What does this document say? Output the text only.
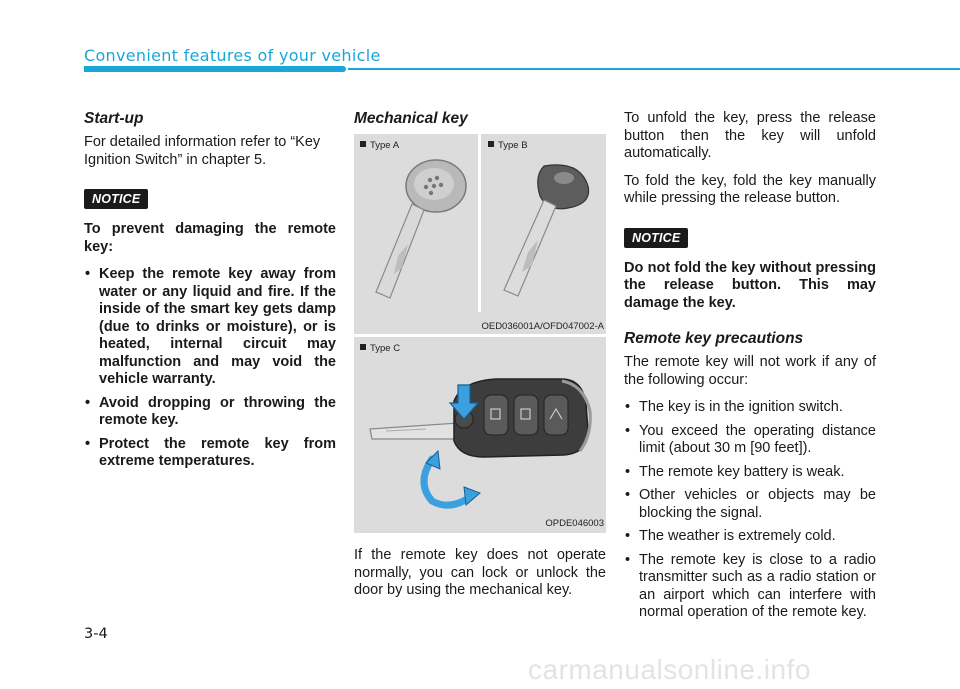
Convenient features of your vehicle
Start-up

For detailed information refer to “Key Ignition Switch” in chapter 5.

NOTICE

To prevent damaging the remote key:

• Keep the remote key away from water or any liquid and fire. If the inside of the smart key gets damp (due to drinks or moisture), or is heated, internal circuit may malfunction and may void the vehicle warranty.
• Avoid dropping or throwing the remote key.
• Protect the remote key from extreme temperatures.
Mechanical key
Type A	Type B
OED036001A/OFD047002-A
Type C
OPDE046003

If the remote key does not operate normally, you can lock or unlock the door by using the mechanical key.

To unfold the key, press the release button then the key will unfold automatically.

To fold the key, fold the key manually while pressing the release button.

NOTICE

Do not fold the key without pressing the release button. This may damage the key.

Remote key precautions

The remote key will not work if any of the following occur:

• The key is in the ignition switch.
• You exceed the operating distance limit (about 30 m [90 feet]).
• The remote key battery is weak.
• Other vehicles or objects may be blocking the signal.
• The weather is extremely cold.
• The remote key is close to a radio transmitter such as a radio station or an airport which can interfere with normal operation of the remote key.
3-4
carmanualsonline.info
